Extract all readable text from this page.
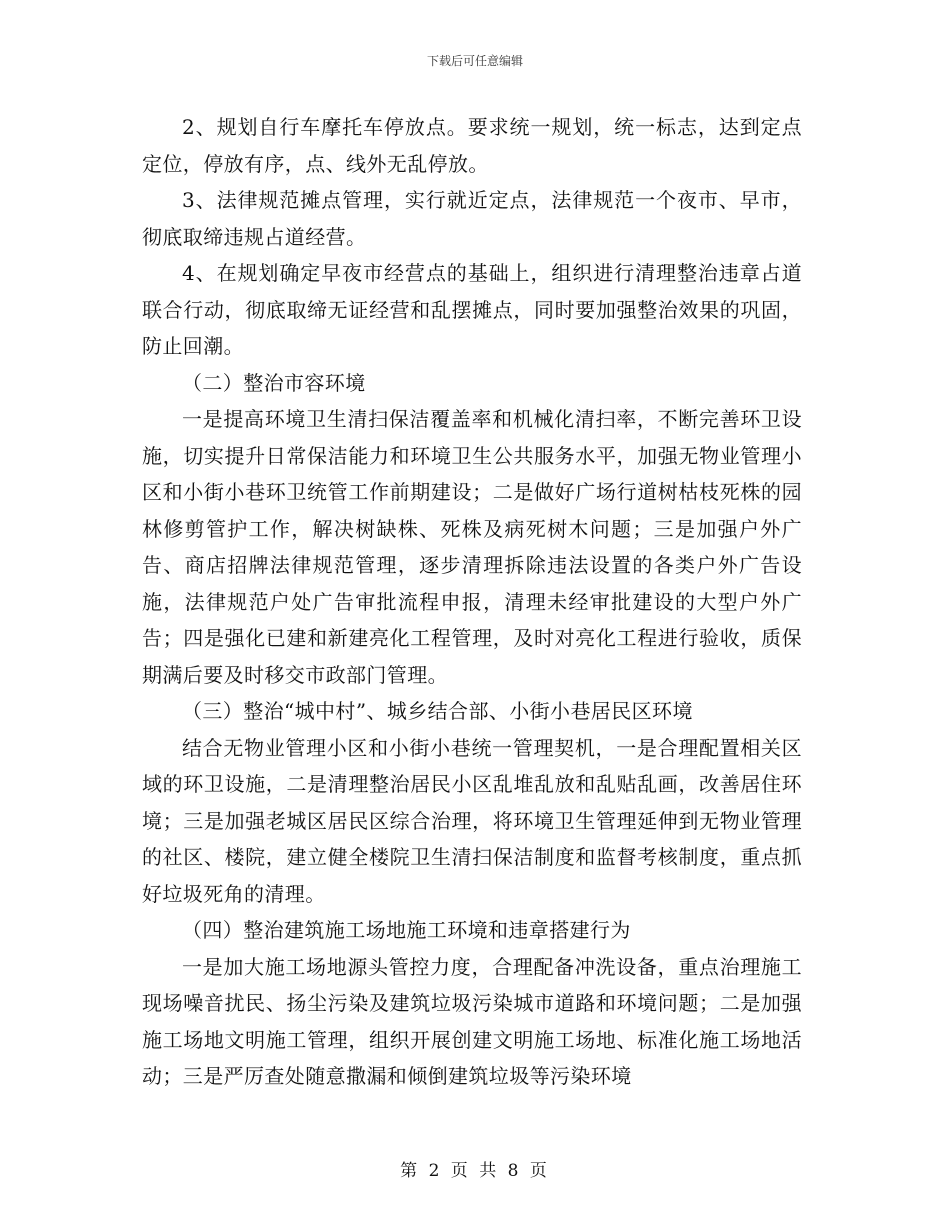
下载后可任意编辑

2、规划自行车摩托车停放点。要求统一规划，统一标志，达到定点定位，停放有序，点、线外无乱停放。

3、法律规范摊点管理，实行就近定点，法律规范一个夜市、早市，彻底取缔违规占道经营。

4、在规划确定早夜市经营点的基础上，组织进行清理整治违章占道联合行动，彻底取缔无证经营和乱摆摊点，同时要加强整治效果的巩固，防止回潮。

（二）整治市容环境

一是提高环境卫生清扫保洁覆盖率和机械化清扫率，不断完善环卫设施，切实提升日常保洁能力和环境卫生公共服务水平，加强无物业管理小区和小街小巷环卫统管工作前期建设；二是做好广场行道树枯枝死株的园林修剪管护工作，解决树缺株、死株及病死树木问题；三是加强户外广告、商店招牌法律规范管理，逐步清理拆除违法设置的各类户外广告设施，法律规范户处广告审批流程申报，清理未经审批建设的大型户外广告；四是强化已建和新建亮化工程管理，及时对亮化工程进行验收，质保期满后要及时移交市政部门管理。

（三）整治“城中村”、城乡结合部、小街小巷居民区环境

结合无物业管理小区和小街小巷统一管理契机，一是合理配置相关区域的环卫设施，二是清理整治居民小区乱堆乱放和乱贴乱画，改善居住环境；三是加强老城区居民区综合治理，将环境卫生管理延伸到无物业管理的社区、楼院，建立健全楼院卫生清扫保洁制度和监督考核制度，重点抓好垃圾死角的清理。

（四）整治建筑施工场地施工环境和违章搭建行为

一是加大施工场地源头管控力度，合理配备冲洗设备，重点治理施工现场噪音扰民、扬尘污染及建筑垃圾污染城市道路和环境问题；二是加强施工场地文明施工管理，组织开展创建文明施工场地、标准化施工场地活动；三是严厉查处随意撒漏和倾倒建筑垃圾等污染环境

第 2 页 共 8 页
